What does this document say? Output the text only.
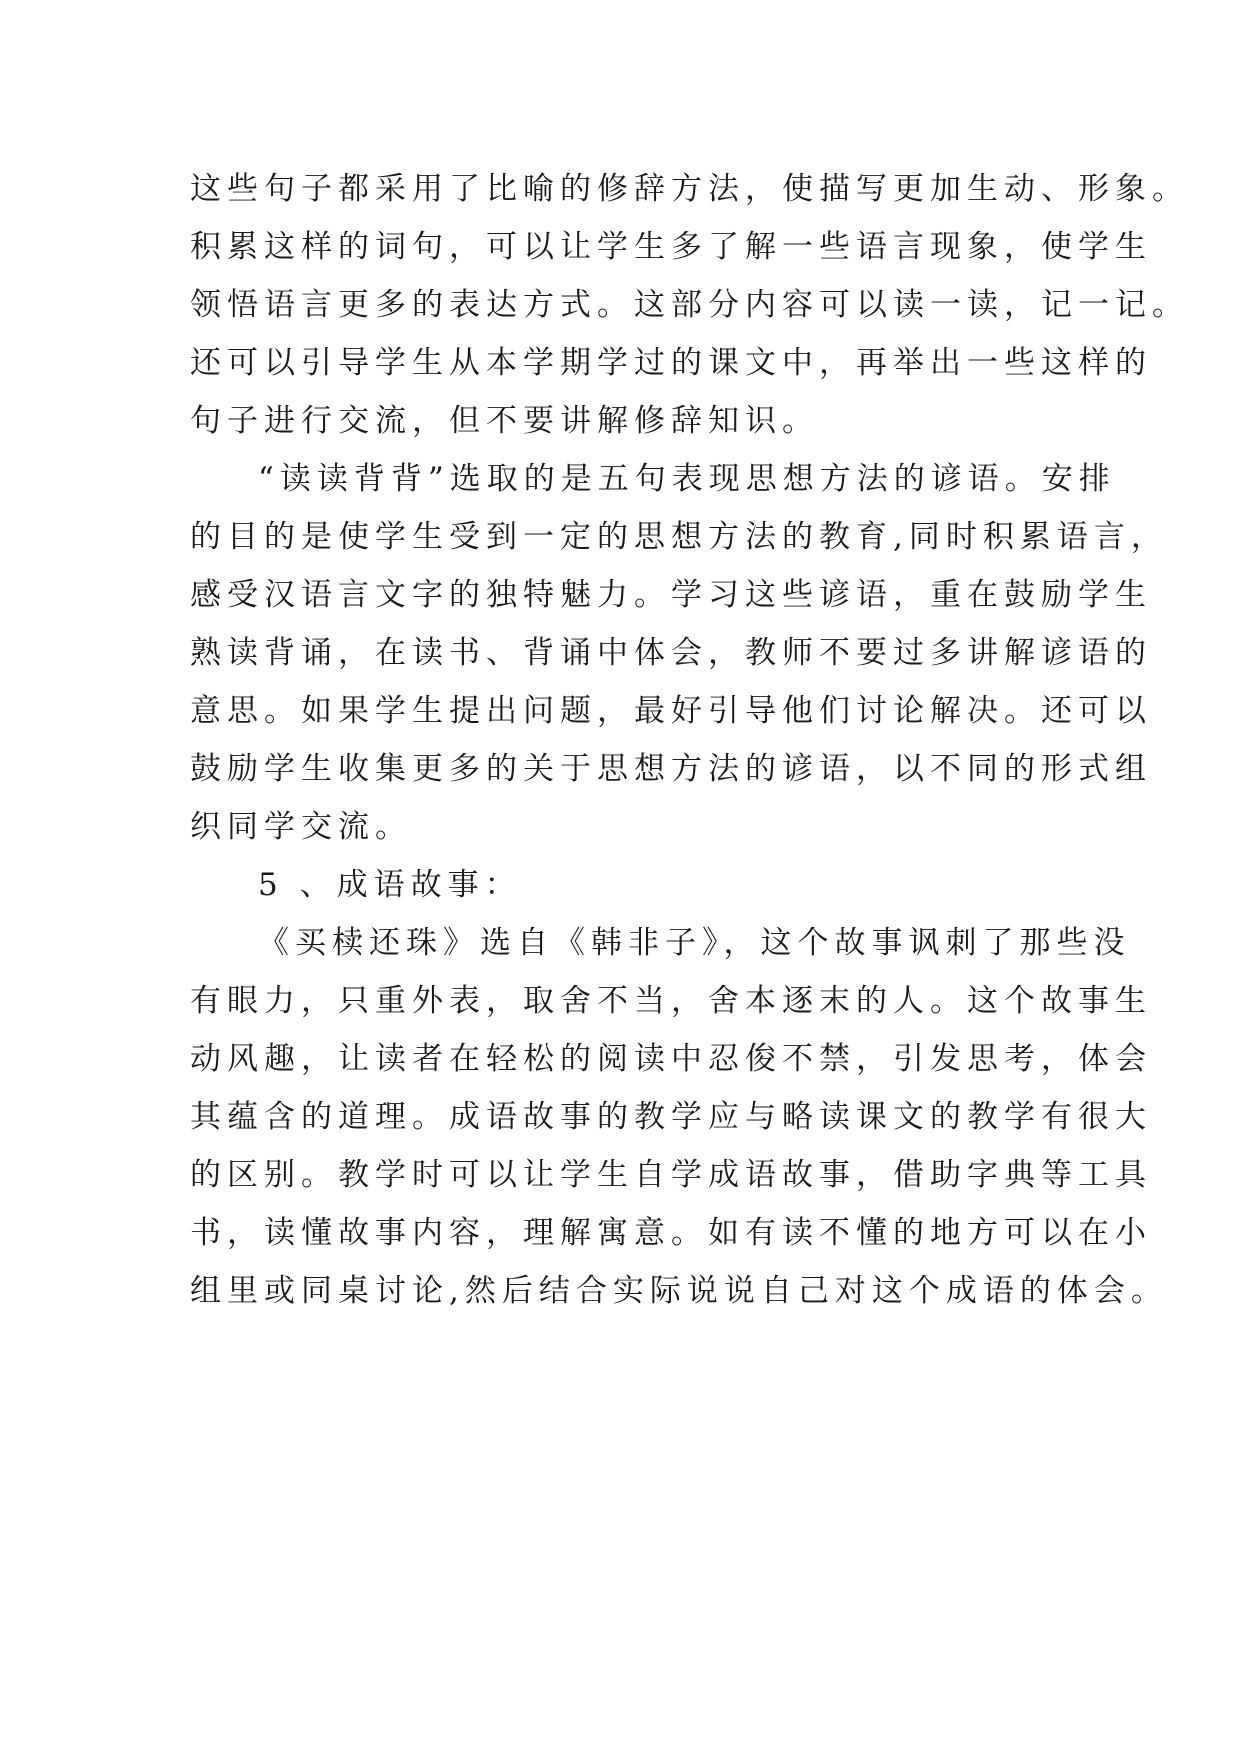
这些句子都采用了比喻的修辞方法，使描写更加生动、形象。
积累这样的词句，可以让学生多了解一些语言现象，使学生
领悟语言更多的表达方式。这部分内容可以读一读，记一记。
还可以引导学生从本学期学过的课文中，再举出一些这样的
句子进行交流，但不要讲解修辞知识。
“读读背背”选取的是五句表现思想方法的谚语。安排
的目的是使学生受到一定的思想方法的教育,同时积累语言，
感受汉语言文字的独特魅力。学习这些谚语，重在鼓励学生
熟读背诵，在读书、背诵中体会，教师不要过多讲解谚语的
意思。如果学生提出问题，最好引导他们讨论解决。还可以
鼓励学生收集更多的关于思想方法的谚语，以不同的形式组
织同学交流。
5 、成语故事：
《买椟还珠》选自《韩非子》，这个故事讽刺了那些没
有眼力，只重外表，取舍不当，舍本逐末的人。这个故事生
动风趣，让读者在轻松的阅读中忍俊不禁，引发思考，体会
其蕴含的道理。成语故事的教学应与略读课文的教学有很大
的区别。教学时可以让学生自学成语故事，借助字典等工具
书，读懂故事内容，理解寓意。如有读不懂的地方可以在小
组里或同桌讨论,然后结合实际说说自己对这个成语的体会。
